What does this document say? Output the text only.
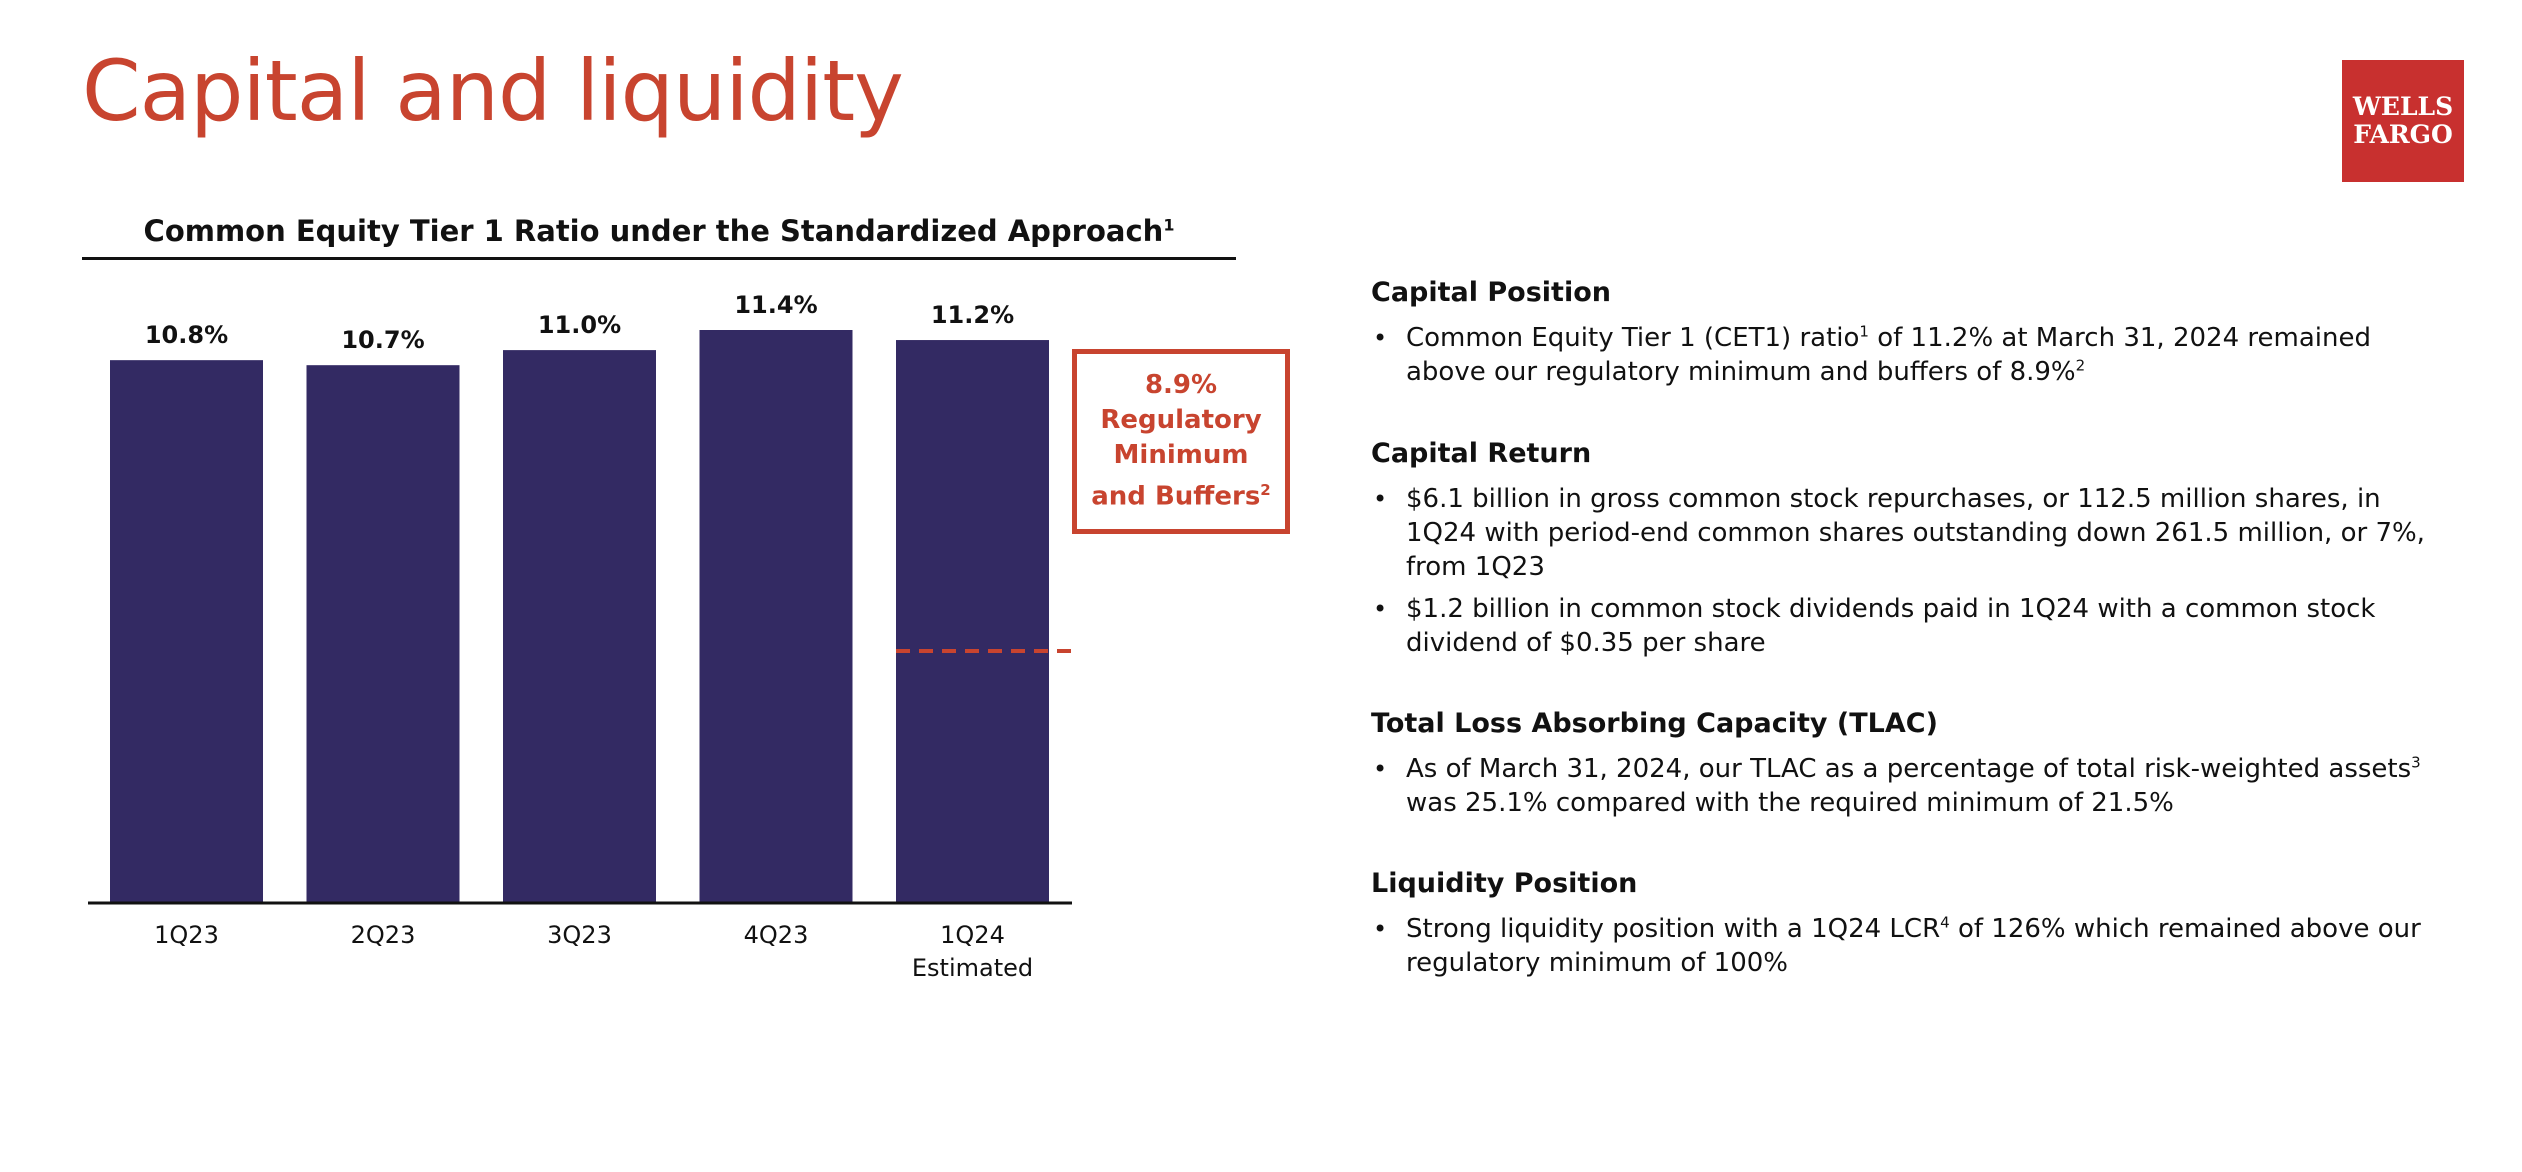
Capital and liquidity	WELLS
FARGO
Common Equity Tier 1 Ratio under the Standardized Approach$^1$
10.8%
1Q23
10.7%
2Q23
11.0%
3Q23
11.4%
4Q23
11.2%
1Q24
Estimated
8.9%
Regulatory
Minimum
and Buffers$^2$
Capital Position
• Common Equity Tier 1 (CET1) ratio$^1$ of 11.2% at March 31, 2024 remained above our regulatory minimum and buffers of 8.9%$^2$
Capital Return
• $6.1 billion in gross common stock repurchases, or 112.5 million shares, in 1Q24 with period-end common shares outstanding down 261.5 million, or 7%, from 1Q23
• $1.2 billion in common stock dividends paid in 1Q24 with a common stock dividend of $0.35 per share
Total Loss Absorbing Capacity (TLAC)
• As of March 31, 2024, our TLAC as a percentage of total risk-weighted assets$^3$ was 25.1% compared with the required minimum of 21.5%
Liquidity Position
• Strong liquidity position with a 1Q24 LCR$^4$ of 126% which remained above our regulatory minimum of 100%
